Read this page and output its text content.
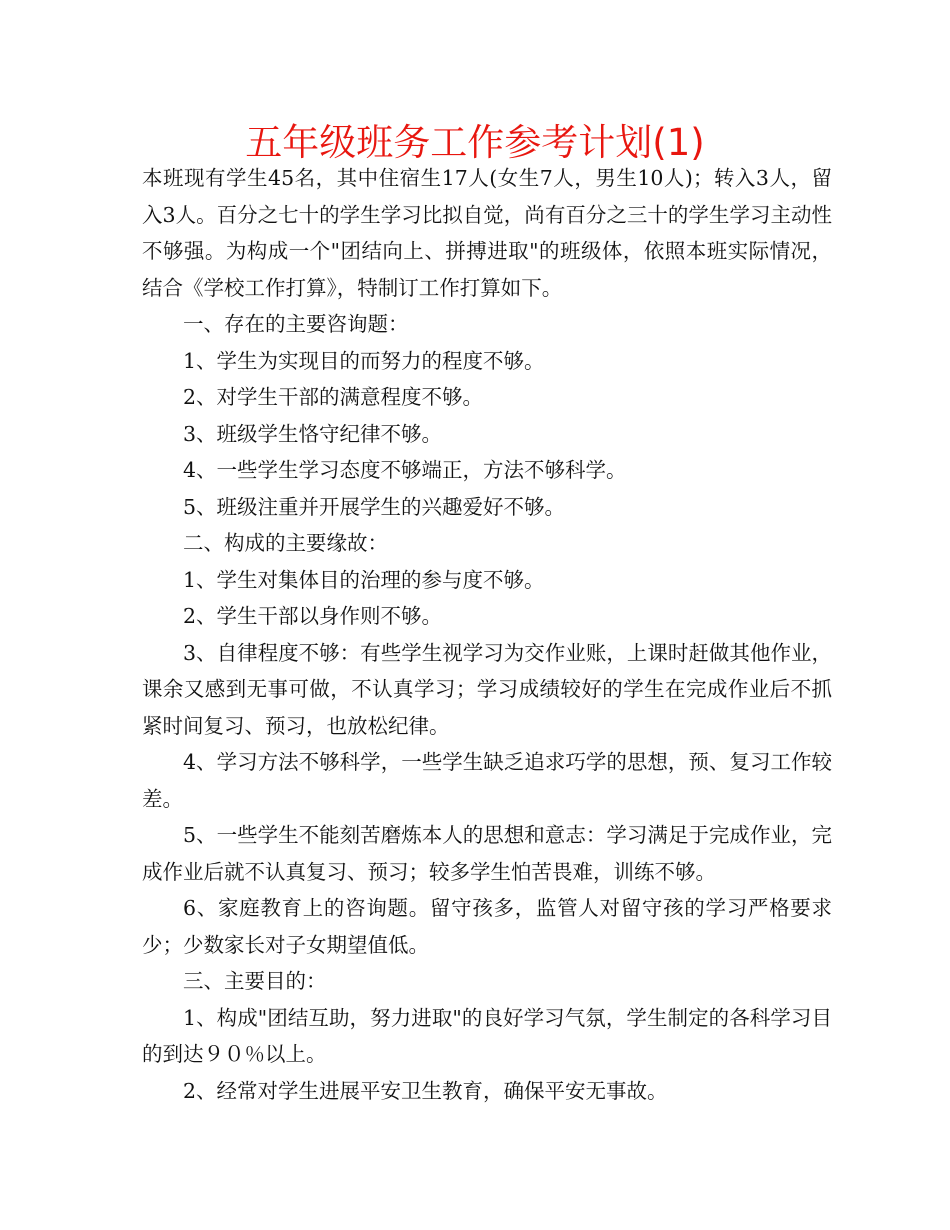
五年级班务工作参考计划(1)

本班现有学生45名，其中住宿生17人(女生7人，男生10人)；转入3人，留入3人。百分之七十的学生学习比拟自觉，尚有百分之三十的学生学习主动性不够强。为构成一个"团结向上、拼搏进取"的班级体，依照本班实际情况，结合《学校工作打算》，特制订工作打算如下。

一、存在的主要咨询题：

1、学生为实现目的而努力的程度不够。

2、对学生干部的满意程度不够。

3、班级学生恪守纪律不够。

4、一些学生学习态度不够端正，方法不够科学。

5、班级注重并开展学生的兴趣爱好不够。

二、构成的主要缘故：

1、学生对集体目的治理的参与度不够。

2、学生干部以身作则不够。

3、自律程度不够：有些学生视学习为交作业账，上课时赶做其他作业，课余又感到无事可做，不认真学习；学习成绩较好的学生在完成作业后不抓紧时间复习、预习，也放松纪律。

4、学习方法不够科学，一些学生缺乏追求巧学的思想，预、复习工作较差。

5、一些学生不能刻苦磨炼本人的思想和意志：学习满足于完成作业，完成作业后就不认真复习、预习；较多学生怕苦畏难，训练不够。

6、家庭教育上的咨询题。留守孩多，监管人对留守孩的学习严格要求少；少数家长对子女期望值低。

三、主要目的：

1、构成"团结互助，努力进取"的良好学习气氛，学生制定的各科学习目的到达９０％以上。

2、经常对学生进展平安卫生教育，确保平安无事故。
